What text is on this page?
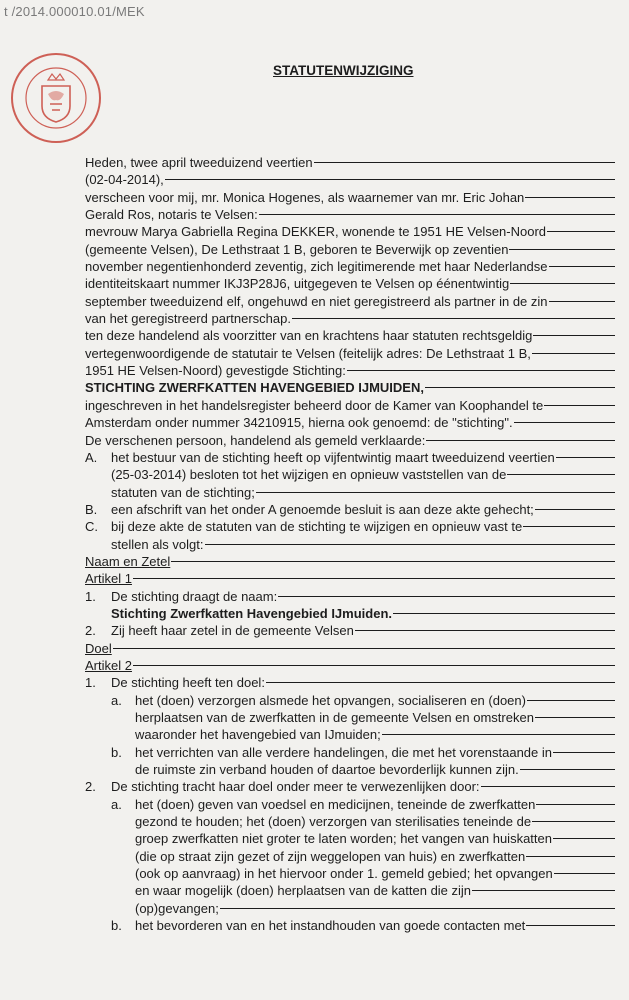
t /2014.000010.01/MEK
STATUTENWIJZIGING
Heden, twee april tweeduizend veertien
(02-04-2014),
verscheen voor mij, mr. Monica Hogenes, als waarnemer van mr. Eric Johan
Gerald Ros, notaris te Velsen:
mevrouw Marya Gabriella Regina DEKKER, wonende te 1951 HE Velsen-Noord
(gemeente Velsen), De Lethstraat 1 B, geboren te Beverwijk op zeventien
november negentienhonderd zeventig, zich legitimerende met haar Nederlandse
identiteitskaart nummer IKJ3P28J6, uitgegeven te Velsen op éénentwintig
september tweeduizend elf, ongehuwd en niet geregistreerd als partner in de zin
van het geregistreerd partnerschap.
ten deze handelend als voorzitter van en krachtens haar statuten rechtsgeldig
vertegenwoordigende de statutair te Velsen (feitelijk adres: De Lethstraat 1 B,
1951 HE Velsen-Noord) gevestigde Stichting:
STICHTING ZWERFKATTEN HAVENGEBIED IJMUIDEN,
ingeschreven in het handelsregister beheerd door de Kamer van Koophandel te
Amsterdam onder nummer 34210915, hierna ook genoemd: de "stichting".
De verschenen persoon, handelend als gemeld verklaarde:
A.	het bestuur van de stichting heeft op vijfentwintig maart tweeduizend veertien
(25-03-2014) besloten tot het wijzigen en opnieuw vaststellen van de
statuten van de stichting;
B.	een afschrift van het onder A genoemde besluit is aan deze akte gehecht;
C.	bij deze akte de statuten van de stichting te wijzigen en opnieuw vast te
stellen als volgt:
Naam en Zetel
Artikel 1
1.	De stichting draagt de naam:
Stichting Zwerfkatten Havengebied IJmuiden.
2.	Zij heeft haar zetel in de gemeente Velsen
Doel
Artikel 2
1.	De stichting heeft ten doel:
a.	het (doen) verzorgen alsmede het opvangen, socialiseren en (doen)
herplaatsen van de zwerfkatten in de gemeente Velsen en omstreken
waaronder het havengebied van IJmuiden;
b.	het verrichten van alle verdere handelingen, die met het vorenstaande in
de ruimste zin verband houden of daartoe bevorderlijk kunnen zijn.
2.	De stichting tracht haar doel onder meer te verwezenlijken door:
a.	het (doen) geven van voedsel en medicijnen, teneinde de zwerfkatten
gezond te houden; het (doen) verzorgen van sterilisaties teneinde de
groep zwerfkatten niet groter te laten worden; het vangen van huiskatten
(die op straat zijn gezet of zijn weggelopen van huis) en zwerfkatten
(ook op aanvraag) in het hiervoor onder 1. gemeld gebied; het opvangen
en waar mogelijk (doen) herplaatsen van de katten die zijn
(op)gevangen;
b.	het bevorderen van en het instandhouden van goede contacten met
